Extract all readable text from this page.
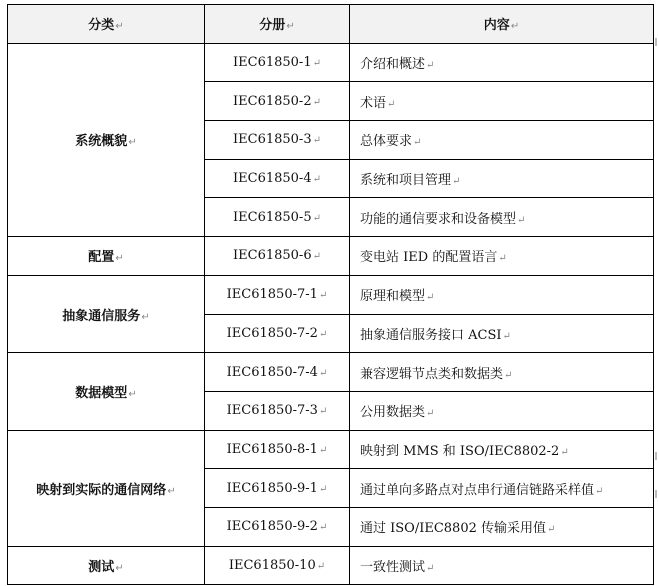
分类↵	分册↵	内容↵
系统概貌↵	IEC61850-1↵	介绍和概述↵
	IEC61850-2↵	术语↵
	IEC61850-3↵	总体要求↵
	IEC61850-4↵	系统和项目管理↵
	IEC61850-5↵	功能的通信要求和设备模型↵
配置↵	IEC61850-6↵	变电站 IED 的配置语言↵
抽象通信服务↵	IEC61850-7-1↵	原理和模型↵
	IEC61850-7-2↵	抽象通信服务接口 ACSI↵
数据模型↵	IEC61850-7-4↵	兼容逻辑节点类和数据类↵
	IEC61850-7-3↵	公用数据类↵
映射到实际的通信网络↵	IEC61850-8-1↵	映射到 MMS 和 ISO/IEC8802-2↵
	IEC61850-9-1↵	通过单向多路点对点串行通信链路采样值↵
	IEC61850-9-2↵	通过 ISO/IEC8802 传输采用值↵
测试↵	IEC61850-10↵	一致性测试↵
